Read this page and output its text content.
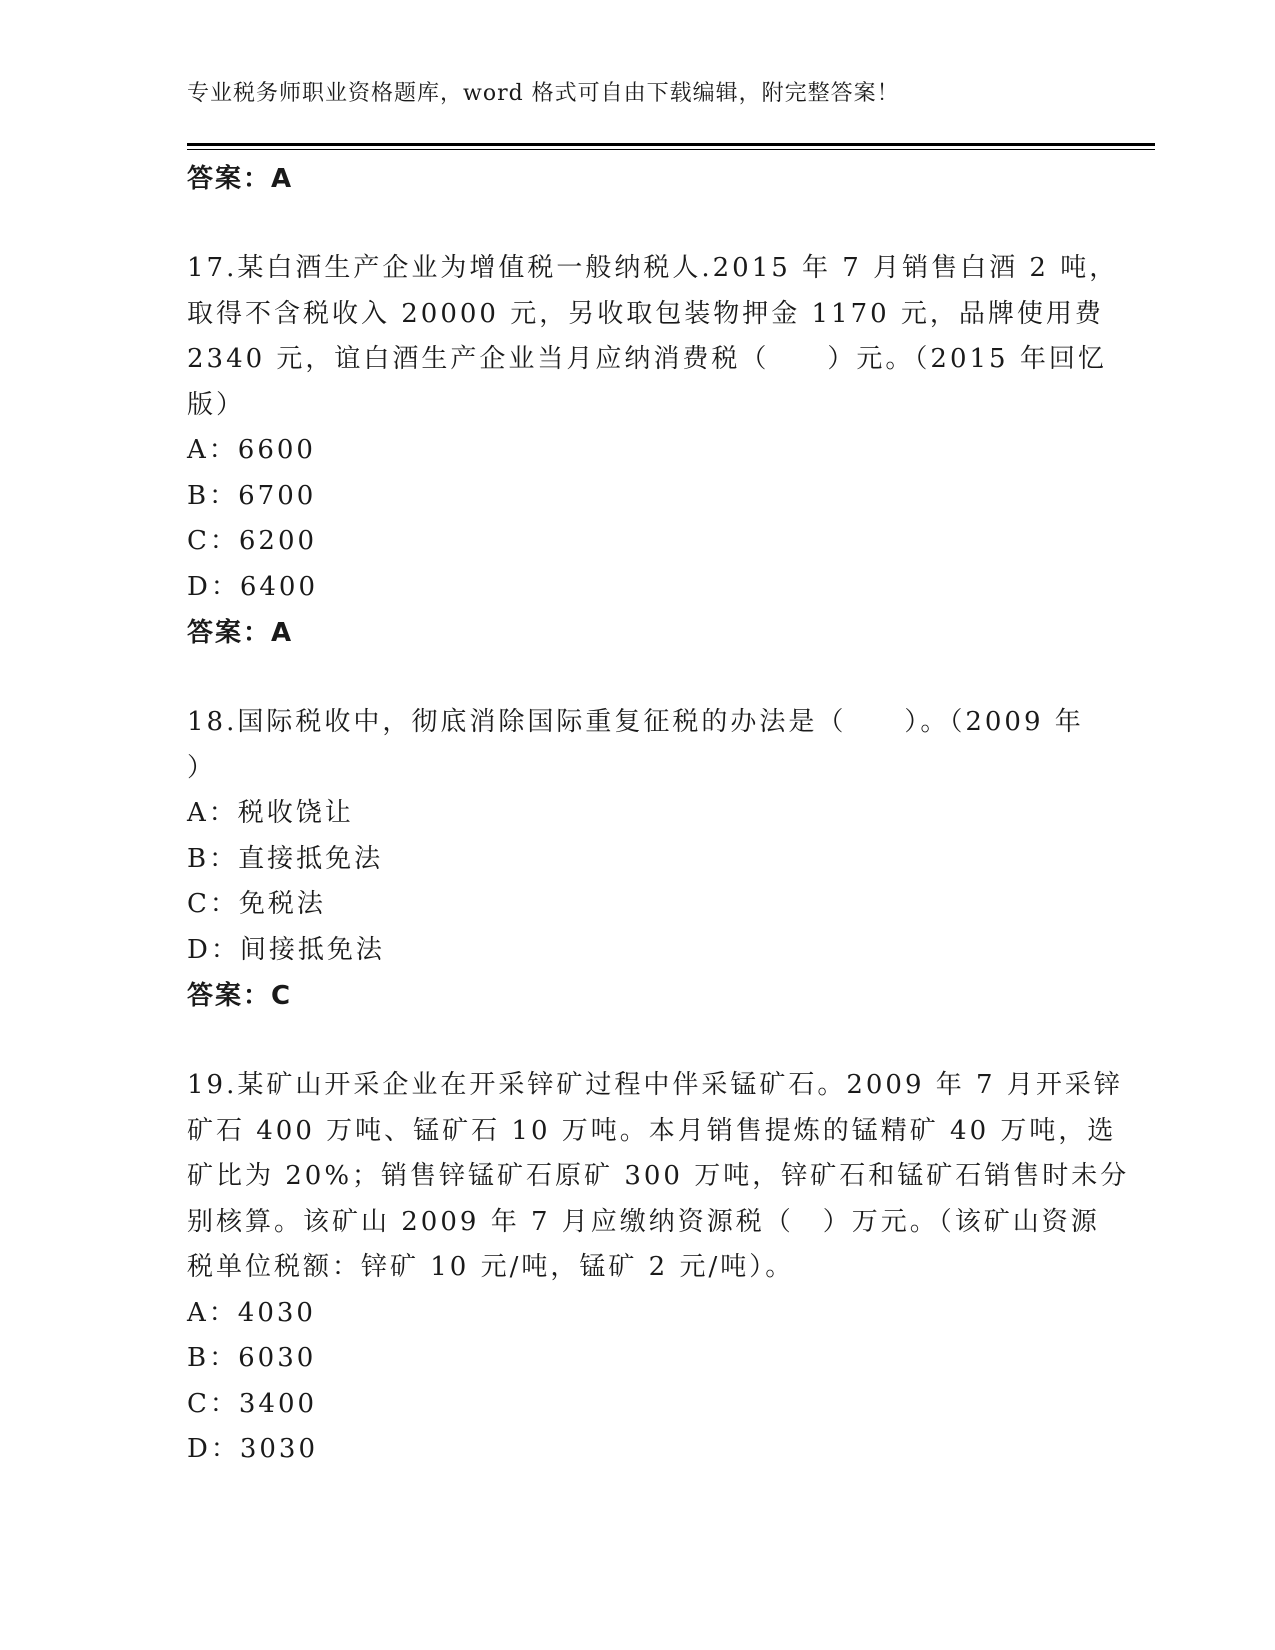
专业税务师职业资格题库，word 格式可自由下载编辑，附完整答案！
答案：A
17.某白酒生产企业为增值税一般纳税人.2015 年 7 月销售白酒 2 吨，
取得不含税收入 20000 元，另收取包装物押金 1170 元，品牌使用费
2340 元，谊白酒生产企业当月应纳消费税（　　）元。（2015 年回忆
版）
A：6600
B：6700
C：6200
D：6400
答案：A
18.国际税收中，彻底消除国际重复征税的办法是（　　）。（2009 年
）
A：税收饶让
B：直接抵免法
C：免税法
D：间接抵免法
答案：C
19.某矿山开采企业在开采锌矿过程中伴采锰矿石。2009 年 7 月开采锌
矿石 400 万吨、锰矿石 10 万吨。本月销售提炼的锰精矿 40 万吨，选
矿比为 20%；销售锌锰矿石原矿 300 万吨，锌矿石和锰矿石销售时未分
别核算。该矿山 2009 年 7 月应缴纳资源税（　）万元。（该矿山资源
税单位税额：锌矿 10 元/吨，锰矿 2 元/吨）。
A：4030
B：6030
C：3400
D：3030
